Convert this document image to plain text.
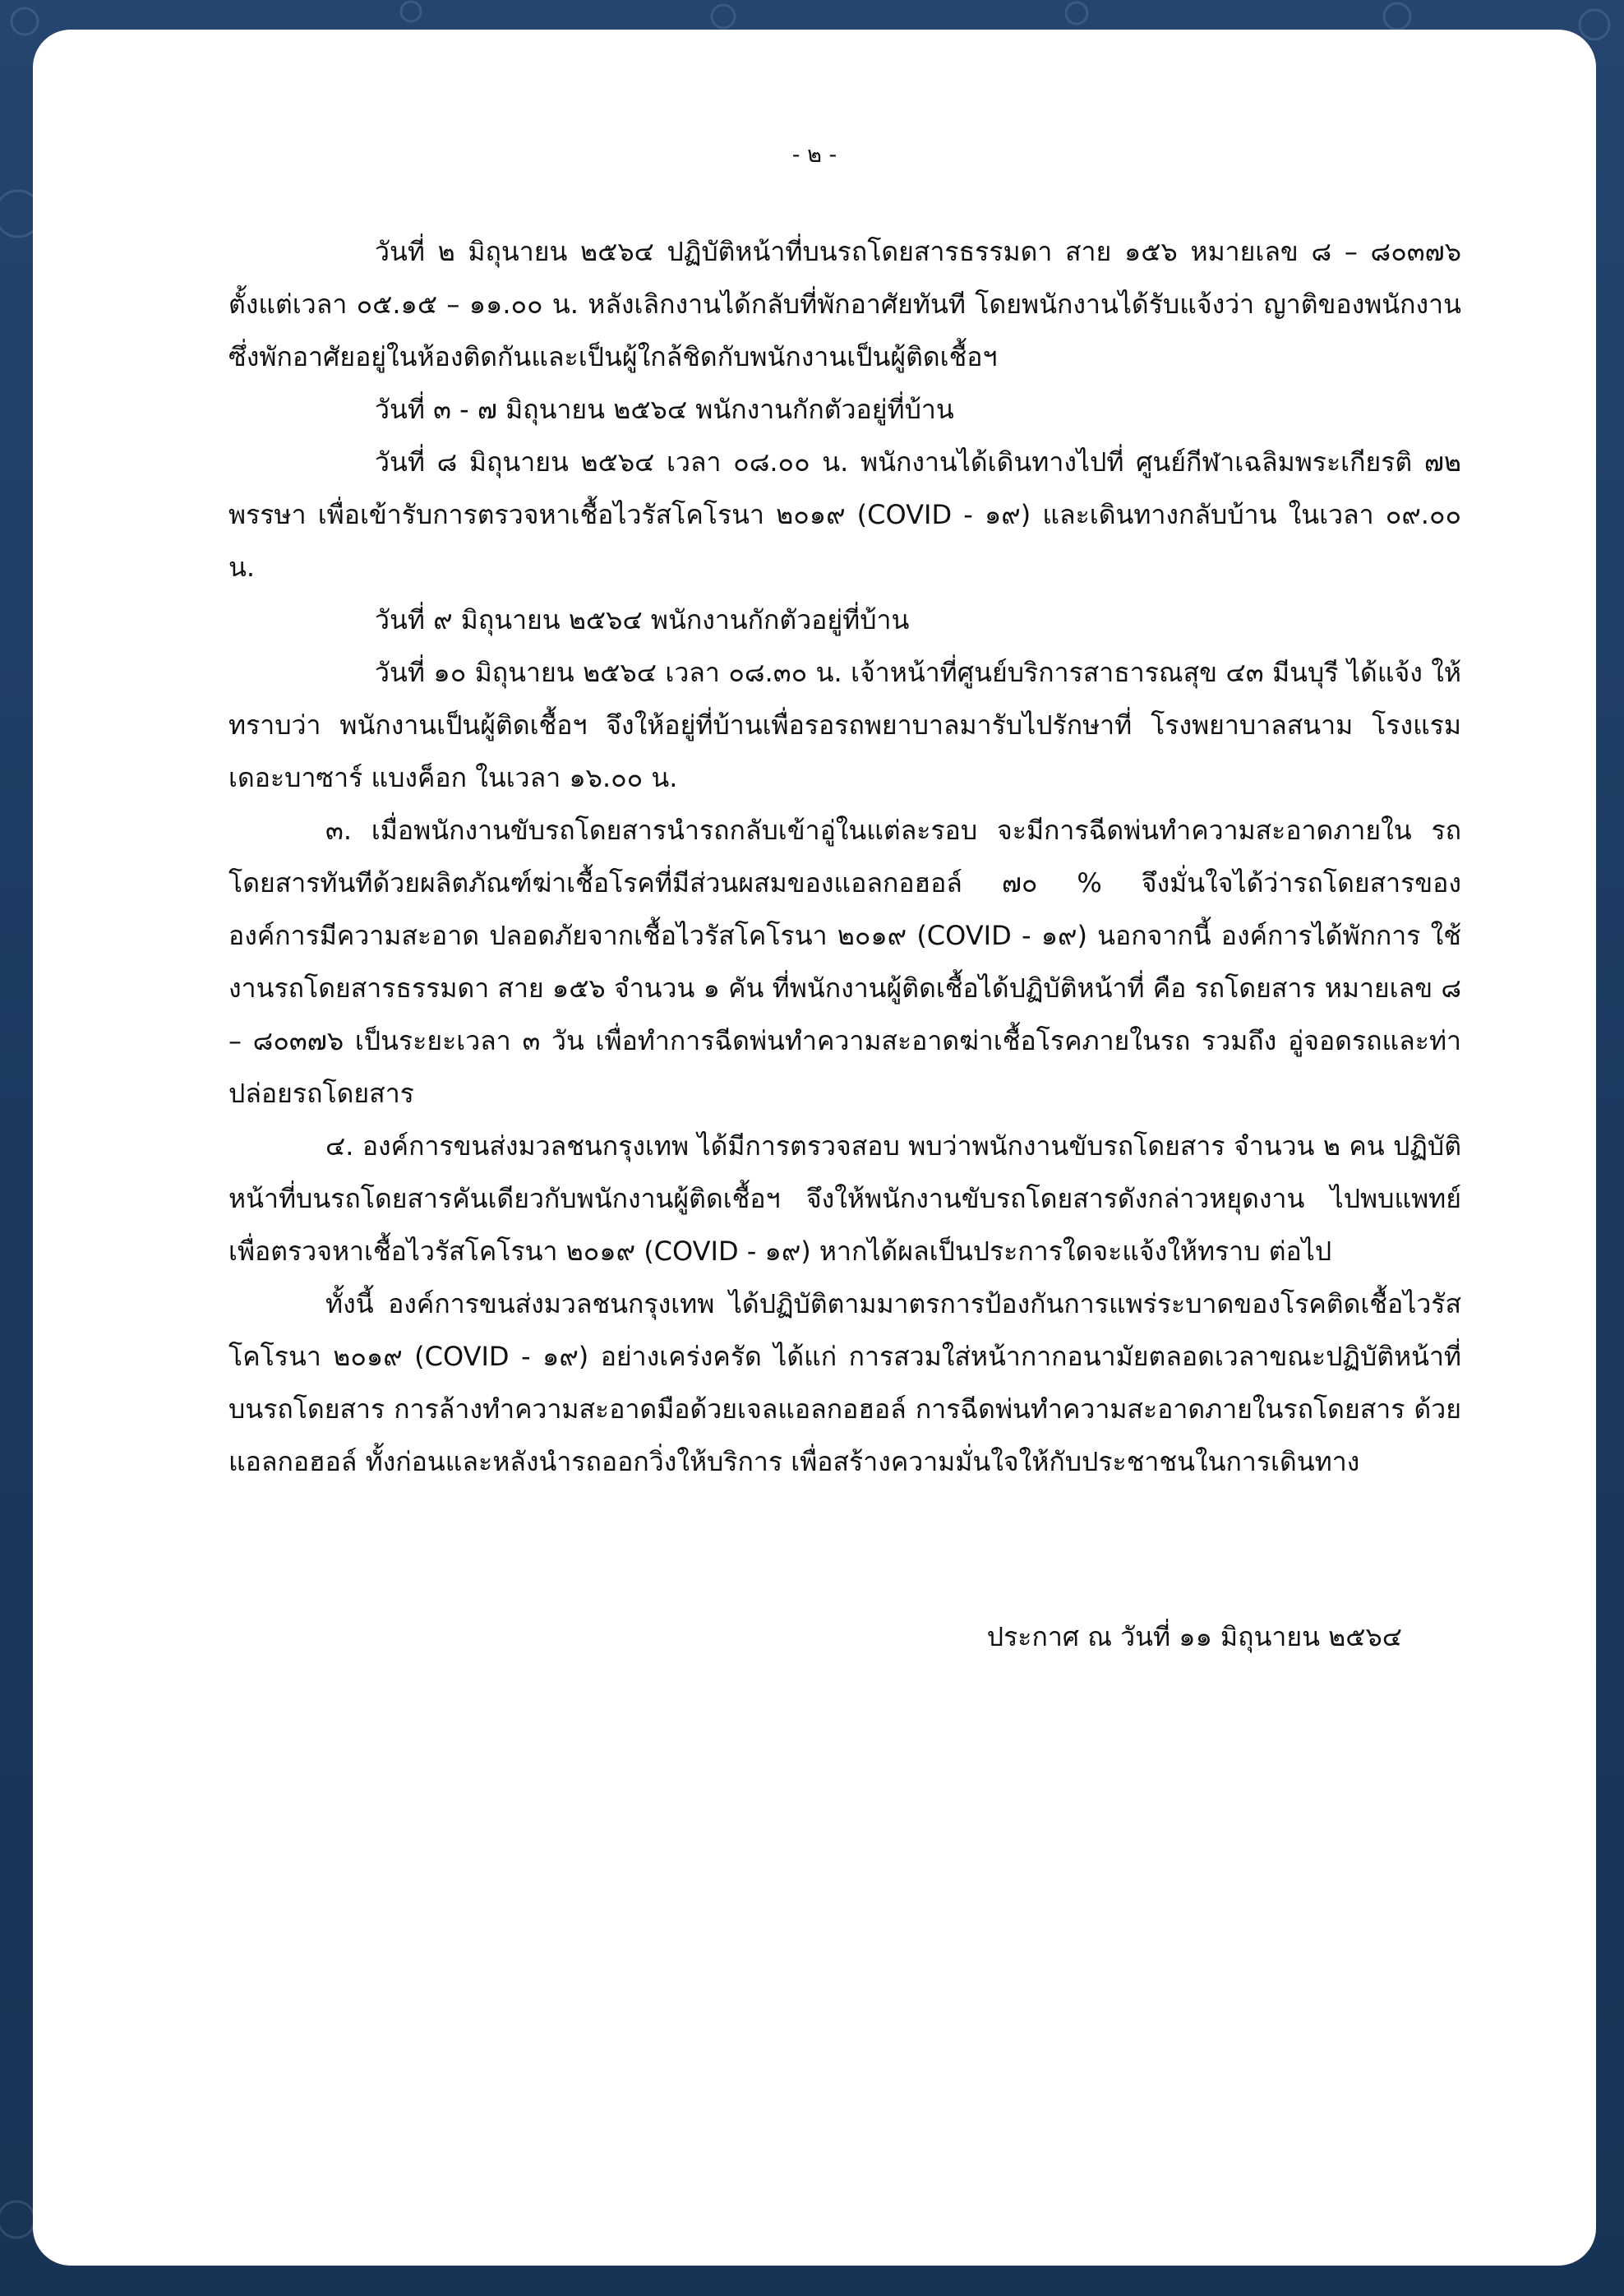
- ๒ -

วันที่ ๒ มิถุนายน ๒๕๖๔ ปฏิบัติหน้าที่บนรถโดยสารธรรมดา สาย ๑๕๖ หมายเลข ๘ – ๘๐๓๗๖ ตั้งแต่เวลา ๐๕.๑๕ – ๑๑.๐๐ น. หลังเลิกงานได้กลับที่พักอาศัยทันที โดยพนักงานได้รับแจ้งว่า ญาติของพนักงาน ซึ่งพักอาศัยอยู่ในห้องติดกันและเป็นผู้ใกล้ชิดกับพนักงานเป็นผู้ติดเชื้อฯ

วันที่ ๓ - ๗ มิถุนายน ๒๕๖๔ พนักงานกักตัวอยู่ที่บ้าน

วันที่ ๘ มิถุนายน ๒๕๖๔ เวลา ๐๘.๐๐ น. พนักงานได้เดินทางไปที่ ศูนย์กีฬาเฉลิมพระเกียรติ ๗๒ พรรษา เพื่อเข้ารับการตรวจหาเชื้อไวรัสโคโรนา ๒๐๑๙ (COVID - ๑๙) และเดินทางกลับบ้าน ในเวลา ๐๙.๐๐ น.

วันที่ ๙ มิถุนายน ๒๕๖๔ พนักงานกักตัวอยู่ที่บ้าน

วันที่ ๑๐ มิถุนายน ๒๕๖๔ เวลา ๐๘.๓๐ น. เจ้าหน้าที่ศูนย์บริการสาธารณสุข ๔๓ มีนบุรี ได้แจ้ง ให้ทราบว่า พนักงานเป็นผู้ติดเชื้อฯ จึงให้อยู่ที่บ้านเพื่อรอรถพยาบาลมารับไปรักษาที่ โรงพยาบาลสนาม โรงแรมเดอะบาซาร์ แบงค็อก ในเวลา ๑๖.๐๐ น.

๓. เมื่อพนักงานขับรถโดยสารนำรถกลับเข้าอู่ในแต่ละรอบ จะมีการฉีดพ่นทำความสะอาดภายใน รถโดยสารทันทีด้วยผลิตภัณฑ์ฆ่าเชื้อโรคที่มีส่วนผสมของแอลกอฮอล์ ๗๐ % จึงมั่นใจได้ว่ารถโดยสารของ องค์การมีความสะอาด ปลอดภัยจากเชื้อไวรัสโคโรนา ๒๐๑๙ (COVID - ๑๙) นอกจากนี้ องค์การได้พักการ ใช้งานรถโดยสารธรรมดา สาย ๑๕๖ จำนวน ๑ คัน ที่พนักงานผู้ติดเชื้อได้ปฏิบัติหน้าที่ คือ รถโดยสาร หมายเลข ๘ – ๘๐๓๗๖ เป็นระยะเวลา ๓ วัน เพื่อทำการฉีดพ่นทำความสะอาดฆ่าเชื้อโรคภายในรถ รวมถึง อู่จอดรถและท่าปล่อยรถโดยสาร

๔. องค์การขนส่งมวลชนกรุงเทพ ได้มีการตรวจสอบ พบว่าพนักงานขับรถโดยสาร จำนวน ๒ คน ปฏิบัติหน้าที่บนรถโดยสารคันเดียวกับพนักงานผู้ติดเชื้อฯ จึงให้พนักงานขับรถโดยสารดังกล่าวหยุดงาน ไปพบแพทย์ เพื่อตรวจหาเชื้อไวรัสโคโรนา ๒๐๑๙ (COVID - ๑๙) หากได้ผลเป็นประการใดจะแจ้งให้ทราบ ต่อไป

ทั้งนี้ องค์การขนส่งมวลชนกรุงเทพ ได้ปฏิบัติตามมาตรการป้องกันการแพร่ระบาดของโรคติดเชื้อไวรัส โคโรนา ๒๐๑๙ (COVID - ๑๙) อย่างเคร่งครัด ได้แก่ การสวมใส่หน้ากากอนามัยตลอดเวลาขณะปฏิบัติหน้าที่ บนรถโดยสาร การล้างทำความสะอาดมือด้วยเจลแอลกอฮอล์ การฉีดพ่นทำความสะอาดภายในรถโดยสาร ด้วยแอลกอฮอล์ ทั้งก่อนและหลังนำรถออกวิ่งให้บริการ เพื่อสร้างความมั่นใจให้กับประชาชนในการเดินทาง

ประกาศ ณ วันที่ ๑๑ มิถุนายน ๒๕๖๔
